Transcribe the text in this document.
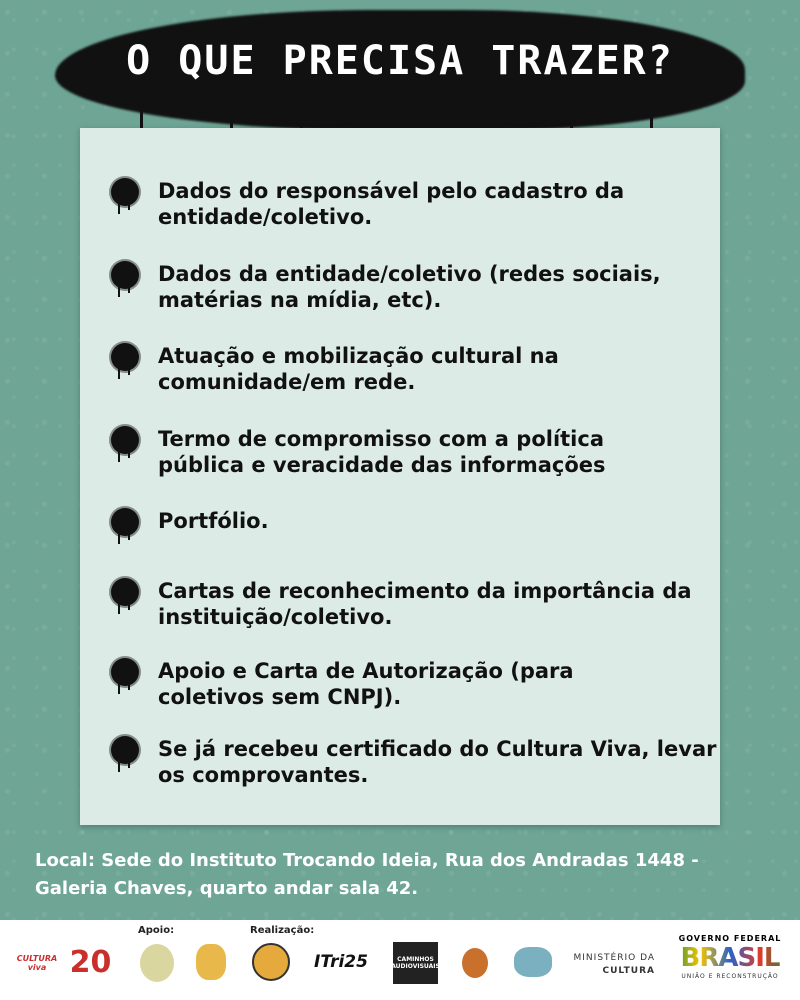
O QUE PRECISA TRAZER?
Dados do responsável pelo cadastro da entidade/coletivo.
Dados da entidade/coletivo (redes sociais, matérias na mídia, etc).
Atuação e mobilização cultural na comunidade/em rede.
Termo de compromisso com a política pública e veracidade das informações
Portfólio.
Cartas de reconhecimento da importância da instituição/coletivo.
Apoio e Carta de Autorização (para coletivos sem CNPJ).
Se já recebeu certificado do Cultura Viva, levar os comprovantes.
Local: Sede do Instituto Trocando Ideia, Rua dos Andradas 1448 - Galeria Chaves, quarto andar sala 42.
Apoio:	Realização:
CULTURA viva 20	ITri25	CAMINHOS AUDIOVISUAIS
MINISTÉRIO DA
CULTURA
GOVERNO FEDERAL
BRASIL
UNIÃO E RECONSTRUÇÃO
